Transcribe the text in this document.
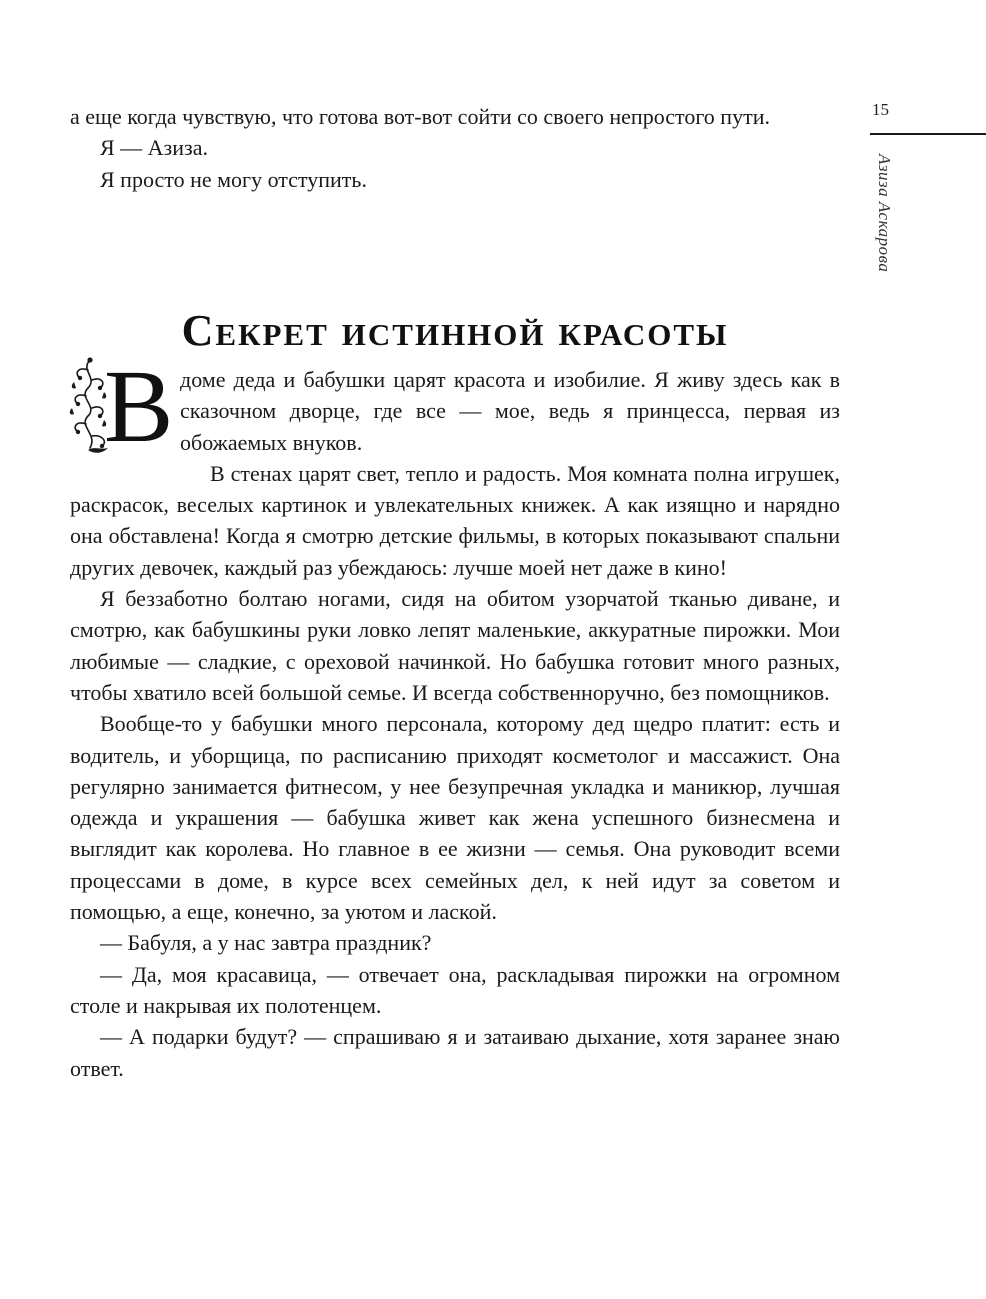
15
Азиза Аскарова

а еще когда чувствую, что готова вот-вот сойти со своего непростого пути.

Я — Азиза.

Я просто не могу отступить.

Секрет истинной красоты

В доме деда и бабушки царят красота и изобилие. Я живу здесь как в сказочном дворце, где все — мое, ведь я принцесса, первая из обожаемых внуков.

В стенах царят свет, тепло и радость. Моя комната полна игрушек, раскрасок, веселых картинок и увлекательных книжек. А как изящно и нарядно она обставлена! Когда я смотрю детские фильмы, в которых показывают спальни других девочек, каждый раз убеждаюсь: лучше моей нет даже в кино!

Я беззаботно болтаю ногами, сидя на обитом узорчатой тканью диване, и смотрю, как бабушкины руки ловко лепят маленькие, аккуратные пирожки. Мои любимые — сладкие, с ореховой начинкой. Но бабушка готовит много разных, чтобы хватило всей большой семье. И всегда собственноручно, без помощников.

Вообще-то у бабушки много персонала, которому дед щедро платит: есть и водитель, и уборщица, по расписанию приходят косметолог и массажист. Она регулярно занимается фитнесом, у нее безупречная укладка и маникюр, лучшая одежда и украшения — бабушка живет как жена успешного бизнесмена и выглядит как королева. Но главное в ее жизни — семья. Она руководит всеми процессами в доме, в курсе всех семейных дел, к ней идут за советом и помощью, а еще, конечно, за уютом и лаской.

— Бабуля, а у нас завтра праздник?

— Да, моя красавица, — отвечает она, раскладывая пирожки на огромном столе и накрывая их полотенцем.

— А подарки будут? — спрашиваю я и затаиваю дыхание, хотя заранее знаю ответ.
